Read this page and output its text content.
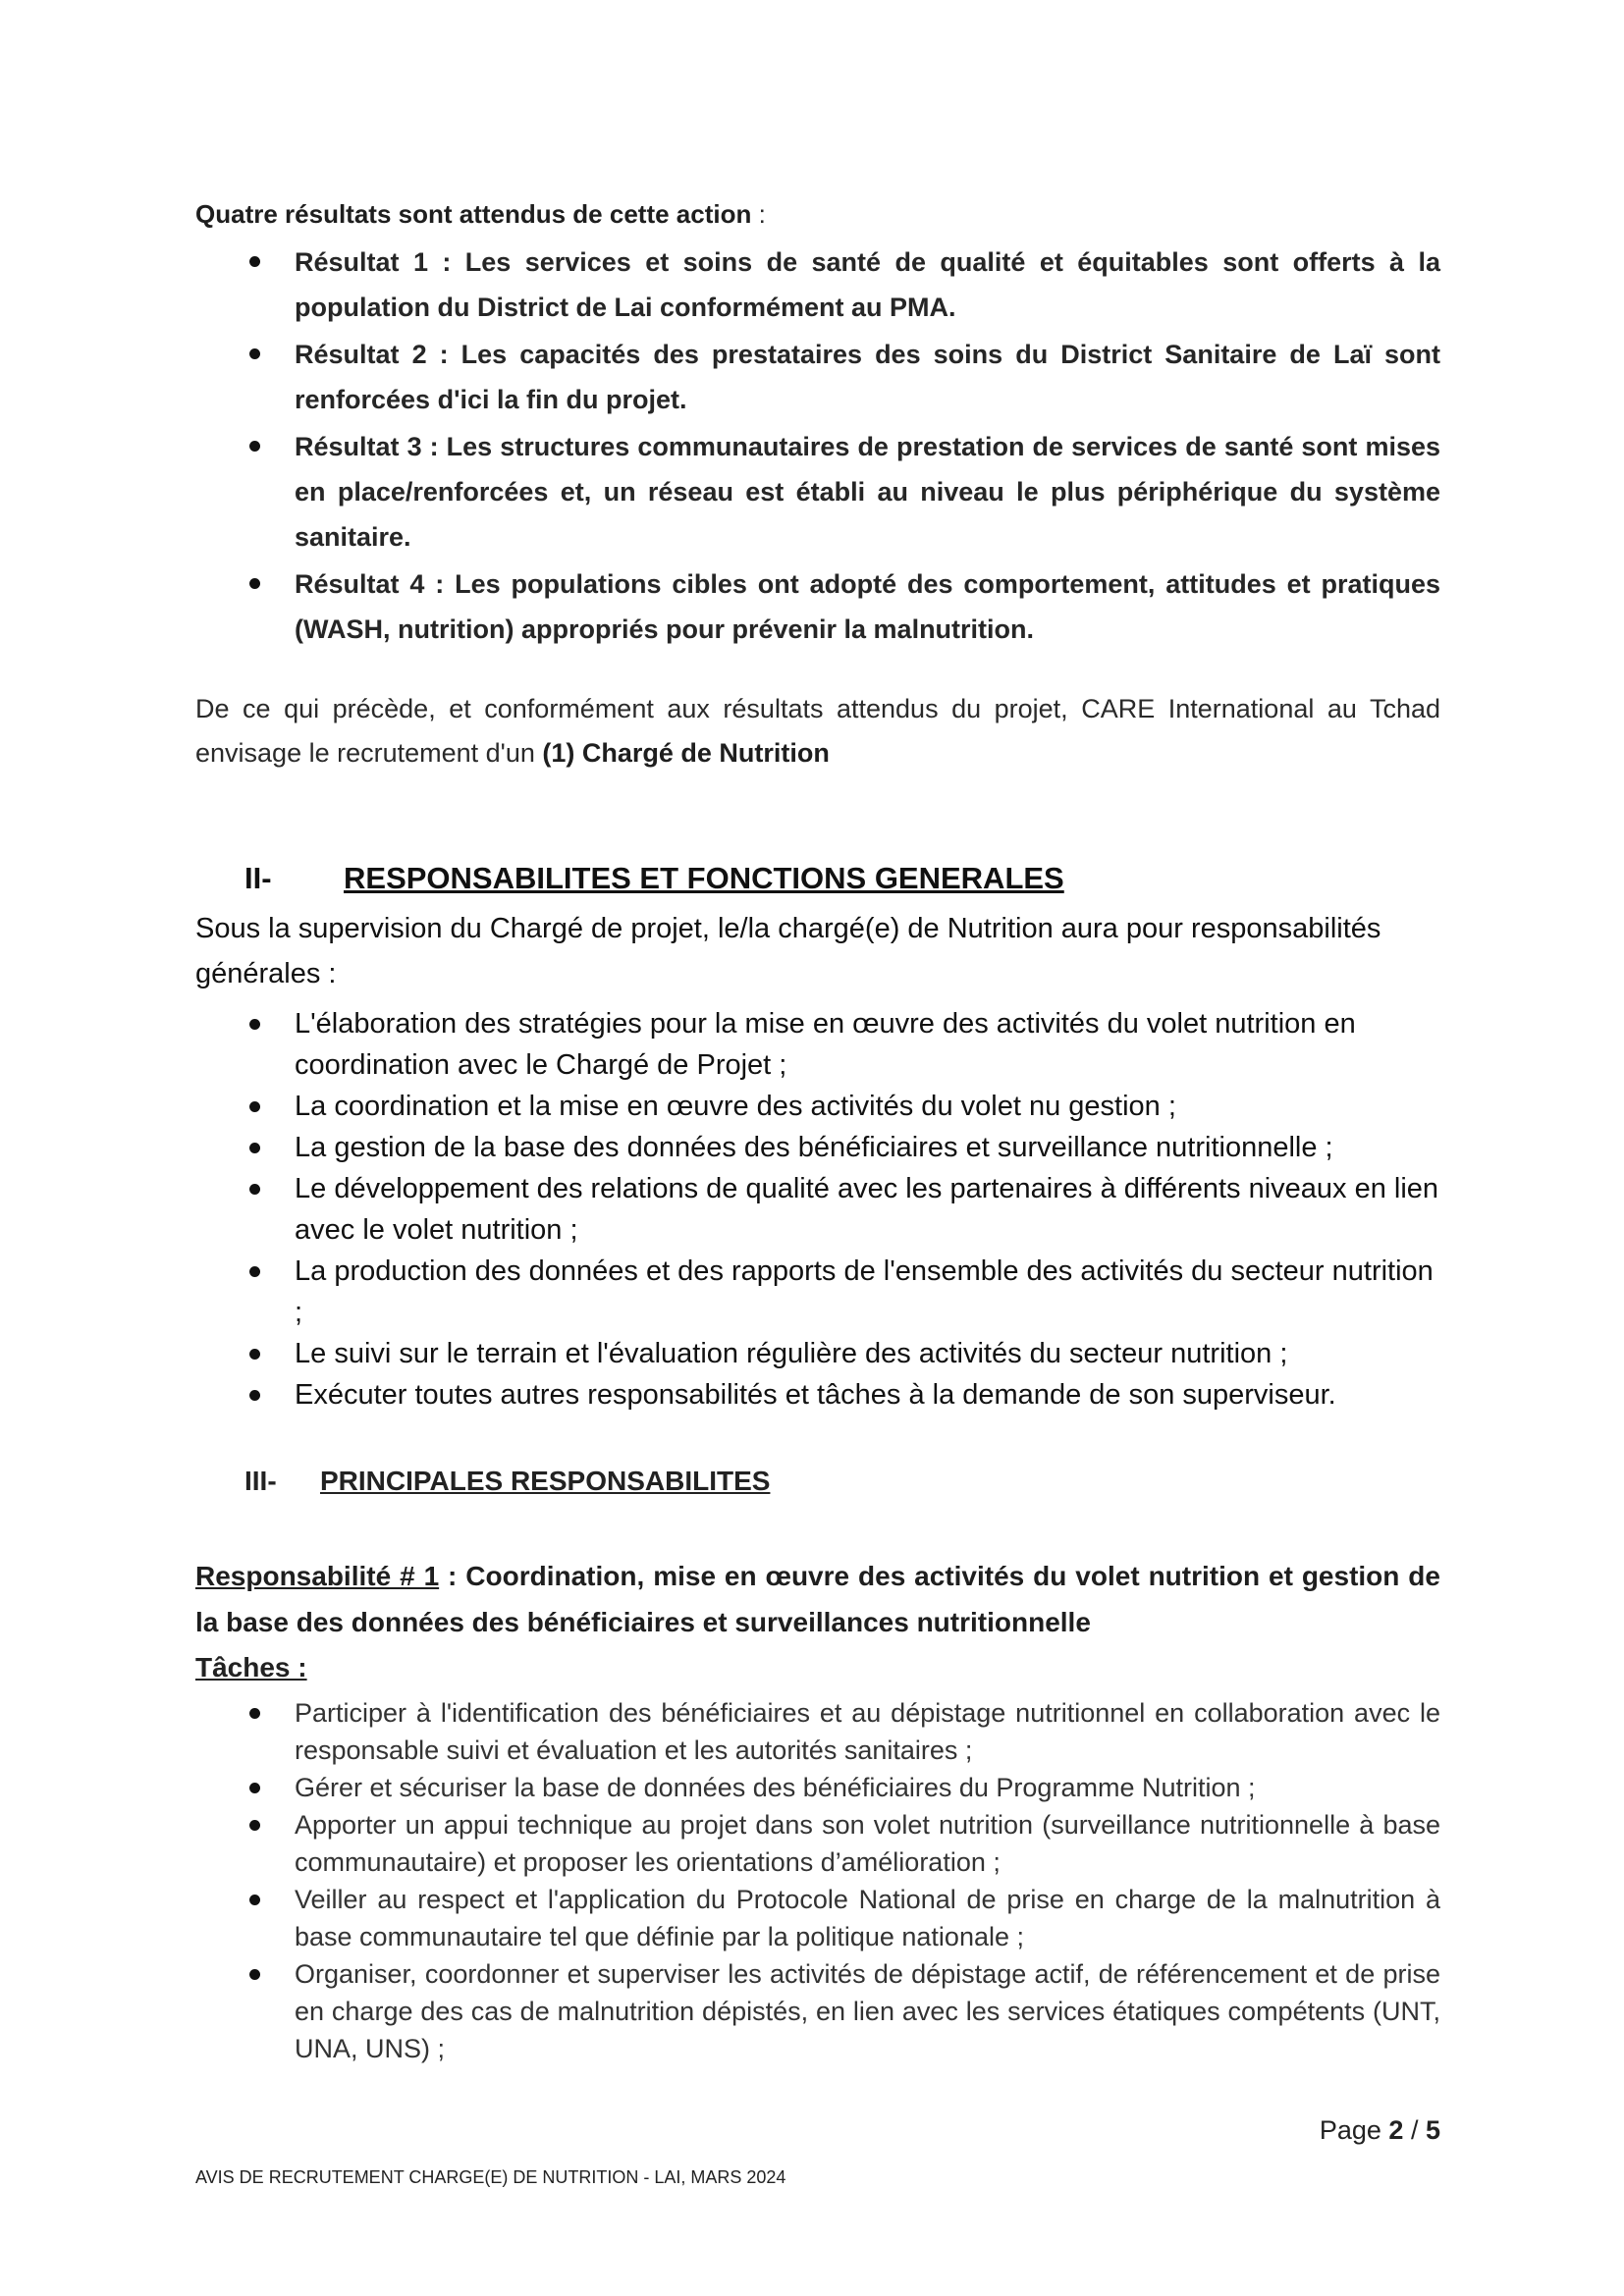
Quatre résultats sont attendus de cette action :
Résultat 1 : Les services et soins de santé de qualité et équitables sont offerts à la population du District de Lai conformément au PMA.
Résultat 2 : Les capacités des prestataires des soins du District Sanitaire de Laï sont renforcées d'ici la fin du projet.
Résultat 3 : Les structures communautaires de prestation de services de santé sont mises en place/renforcées et, un réseau est établi au niveau le plus périphérique du système sanitaire.
Résultat 4 : Les populations cibles ont adopté des comportement, attitudes et pratiques (WASH, nutrition) appropriés pour prévenir la malnutrition.
De ce qui précède, et conformément aux résultats attendus du projet, CARE International au Tchad envisage le recrutement d'un (1) Chargé de Nutrition
II- RESPONSABILITES ET FONCTIONS GENERALES
Sous la supervision du Chargé de projet, le/la chargé(e) de Nutrition aura pour responsabilités générales :
L'élaboration des stratégies pour la mise en œuvre des activités du volet nutrition en coordination avec le Chargé de Projet ;
La coordination et la mise en œuvre des activités du volet nu gestion ;
La gestion de la base des données des bénéficiaires et surveillance nutritionnelle ;
Le développement des relations de qualité avec les partenaires à différents niveaux en lien avec le volet nutrition ;
La production des données et des rapports de l'ensemble des activités du secteur nutrition ;
Le suivi sur le terrain et l'évaluation régulière des activités du secteur nutrition ;
Exécuter toutes autres responsabilités et tâches à la demande de son superviseur.
III- PRINCIPALES RESPONSABILITES
Responsabilité # 1 : Coordination, mise en œuvre des activités du volet nutrition et gestion de la base des données des bénéficiaires et surveillances nutritionnelle
Tâches :
Participer à l'identification des bénéficiaires et au dépistage nutritionnel en collaboration avec le responsable suivi et évaluation et les autorités sanitaires ;
Gérer et sécuriser la base de données des bénéficiaires du Programme Nutrition ;
Apporter un appui technique au projet dans son volet nutrition (surveillance nutritionnelle à base communautaire) et proposer les orientations d’amélioration ;
Veiller au respect et l'application du Protocole National de prise en charge de la malnutrition à base communautaire tel que définie par la politique nationale ;
Organiser, coordonner et superviser les activités de dépistage actif, de référencement et de prise en charge des cas de malnutrition dépistés, en lien avec les services étatiques compétents (UNT, UNA, UNS) ;
Page 2 / 5
AVIS DE RECRUTEMENT CHARGE(E) DE NUTRITION - LAI, MARS 2024
